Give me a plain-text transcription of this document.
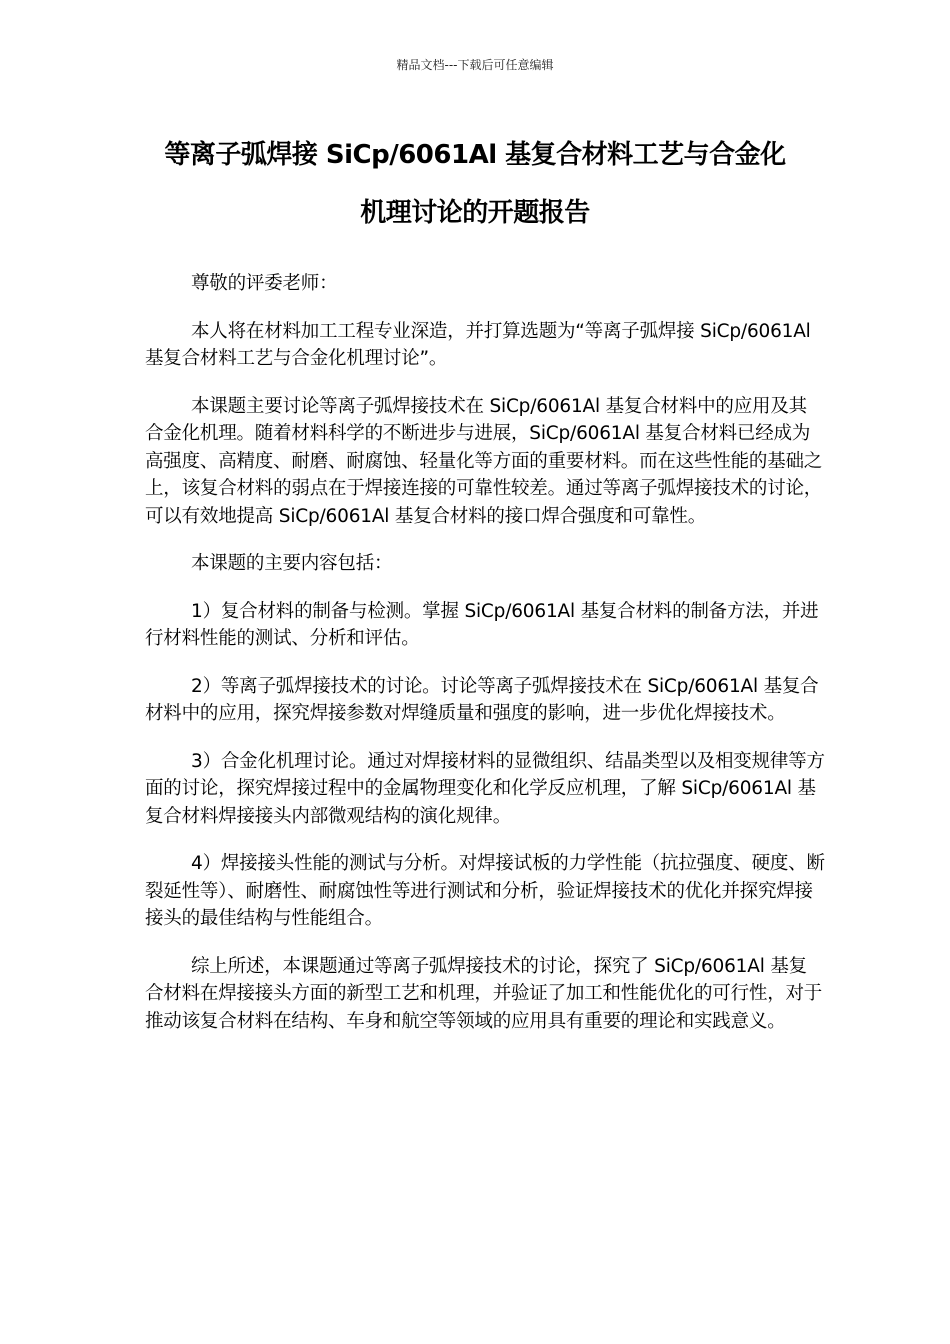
精品文档---下载后可任意编辑
等离子弧焊接 SiCp/6061Al 基复合材料工艺与合金化
机理讨论的开题报告

尊敬的评委老师：

本人将在材料加工工程专业深造，并打算选题为“等离子弧焊接 SiCp/6061Al 基复合材料工艺与合金化机理讨论”。

本课题主要讨论等离子弧焊接技术在 SiCp/6061Al 基复合材料中的应用及其合金化机理。随着材料科学的不断进步与进展，SiCp/6061Al 基复合材料已经成为高强度、高精度、耐磨、耐腐蚀、轻量化等方面的重要材料。而在这些性能的基础之上，该复合材料的弱点在于焊接连接的可靠性较差。通过等离子弧焊接技术的讨论，可以有效地提高 SiCp/6061Al 基复合材料的接口焊合强度和可靠性。

本课题的主要内容包括：

1）复合材料的制备与检测。掌握 SiCp/6061Al 基复合材料的制备方法，并进行材料性能的测试、分析和评估。

2）等离子弧焊接技术的讨论。讨论等离子弧焊接技术在 SiCp/6061Al 基复合材料中的应用，探究焊接参数对焊缝质量和强度的影响，进一步优化焊接技术。

3）合金化机理讨论。通过对焊接材料的显微组织、结晶类型以及相变规律等方面的讨论，探究焊接过程中的金属物理变化和化学反应机理，了解 SiCp/6061Al 基复合材料焊接接头内部微观结构的演化规律。

4）焊接接头性能的测试与分析。对焊接试板的力学性能（抗拉强度、硬度、断裂延性等）、耐磨性、耐腐蚀性等进行测试和分析，验证焊接技术的优化并探究焊接接头的最佳结构与性能组合。

综上所述，本课题通过等离子弧焊接技术的讨论，探究了 SiCp/6061Al 基复合材料在焊接接头方面的新型工艺和机理，并验证了加工和性能优化的可行性，对于推动该复合材料在结构、车身和航空等领域的应用具有重要的理论和实践意义。
